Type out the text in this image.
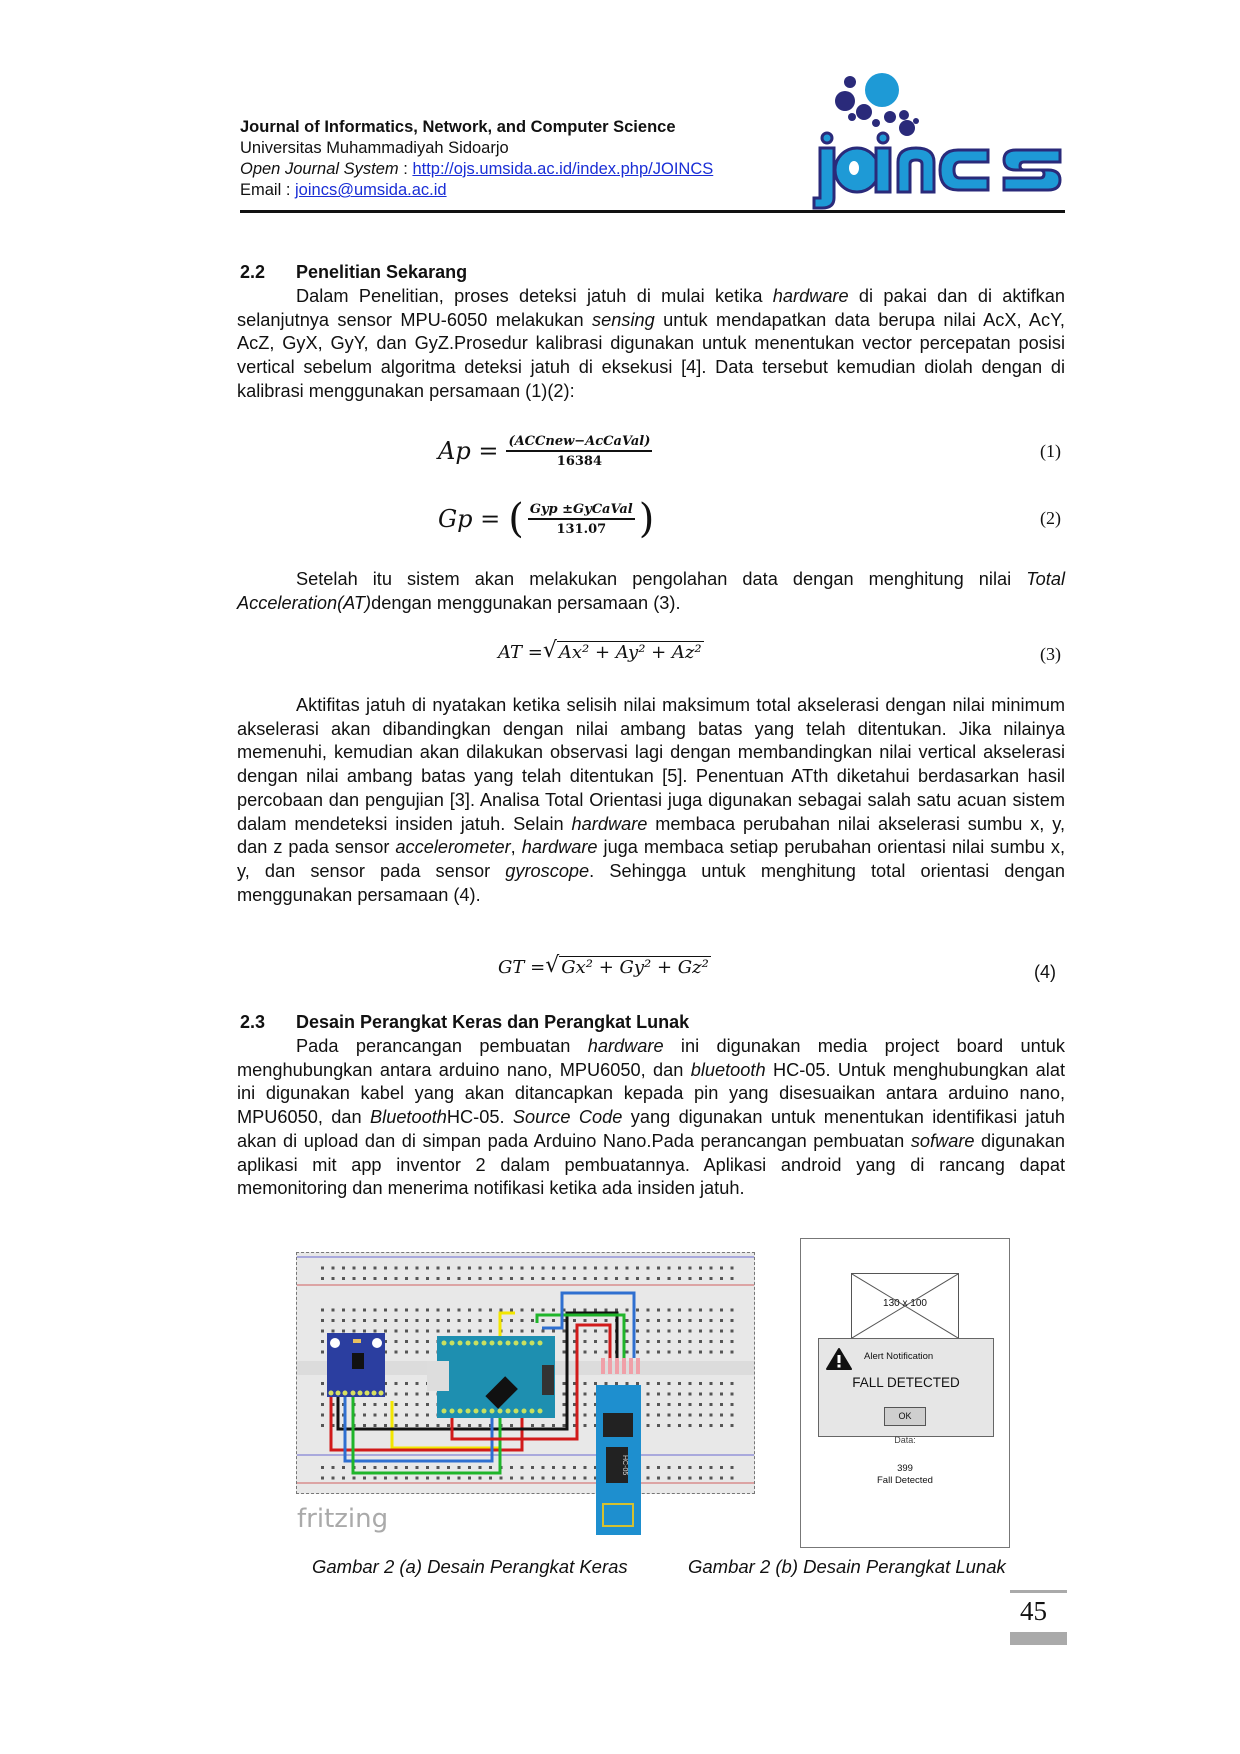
Journal of Informatics, Network, and Computer Science
Universitas Muhammadiyah Sidoarjo
Open Journal System : http://ojs.umsida.ac.id/index.php/JOINCS
Email : joincs@umsida.ac.id
2.2 Penelitian Sekarang
Dalam Penelitian, proses deteksi jatuh di mulai ketika hardware di pakai dan di aktifkan selanjutnya sensor MPU-6050 melakukan sensing untuk mendapatkan data berupa nilai AcX, AcY, AcZ, GyX, GyY, dan GyZ.Prosedur kalibrasi digunakan untuk menentukan vector percepatan posisi vertical sebelum algoritma deteksi jatuh di eksekusi [4]. Data tersebut kemudian diolah dengan di kalibrasi menggunakan persamaan (1)(2):
$Ap = \frac{\text{(ACCnew−AcCaVal)}}{16384}$	(1)
Gp = ( $\frac{\text{Gyp ±GyCaVal}}{131.07}$ )	(2)
Setelah itu sistem akan melakukan pengolahan data dengan menghitung nilai Total Acceleration(AT)dengan menggunakan persamaan (3).
AT = √ Ax² + Ay² + Az²	(3)
Aktifitas jatuh di nyatakan ketika selisih nilai maksimum total akselerasi dengan nilai minimum akselerasi akan dibandingkan dengan nilai ambang batas yang telah ditentukan. Jika nilainya memenuhi, kemudian akan dilakukan observasi lagi dengan membandingkan nilai vertical akselerasi dengan nilai ambang batas yang telah ditentukan [5]. Penentuan ATth diketahui berdasarkan hasil percobaan dan pengujian [3]. Analisa Total Orientasi juga digunakan sebagai salah satu acuan sistem dalam mendeteksi insiden jatuh. Selain hardware membaca perubahan nilai akselerasi sumbu x, y, dan z pada sensor accelerometer, hardware juga membaca setiap perubahan orientasi nilai sumbu x, y, dan sensor pada sensor gyroscope. Sehingga untuk menghitung total orientasi dengan menggunakan persamaan (4).
GT = √ Gx² + Gy² + Gz²	(4)
2.3 Desain Perangkat Keras dan Perangkat Lunak
Pada perancangan pembuatan hardware ini digunakan media project board untuk menghubungkan antara arduino nano, MPU6050, dan bluetooth HC-05. Untuk menghubungkan alat ini digunakan kabel yang akan ditancapkan kepada pin yang disesuaikan antara arduino nano, MPU6050, dan BluetoothHC-05. Source Code yang digunakan untuk menentukan identifikasi jatuh akan di upload dan di simpan pada Arduino Nano.Pada perancangan pembuatan sofware digunakan aplikasi mit app inventor 2 dalam pembuatannya. Aplikasi android yang di rancang dapat memonitoring dan menerima notifikasi ketika ada insiden jatuh.
HC-05
fritzing
130 x 100
Alert Notification
FALL DETECTED
OK
Data:
399
Fall Detected
Gambar 2 (a) Desain Perangkat Keras	Gambar 2 (b) Desain Perangkat Lunak
45
